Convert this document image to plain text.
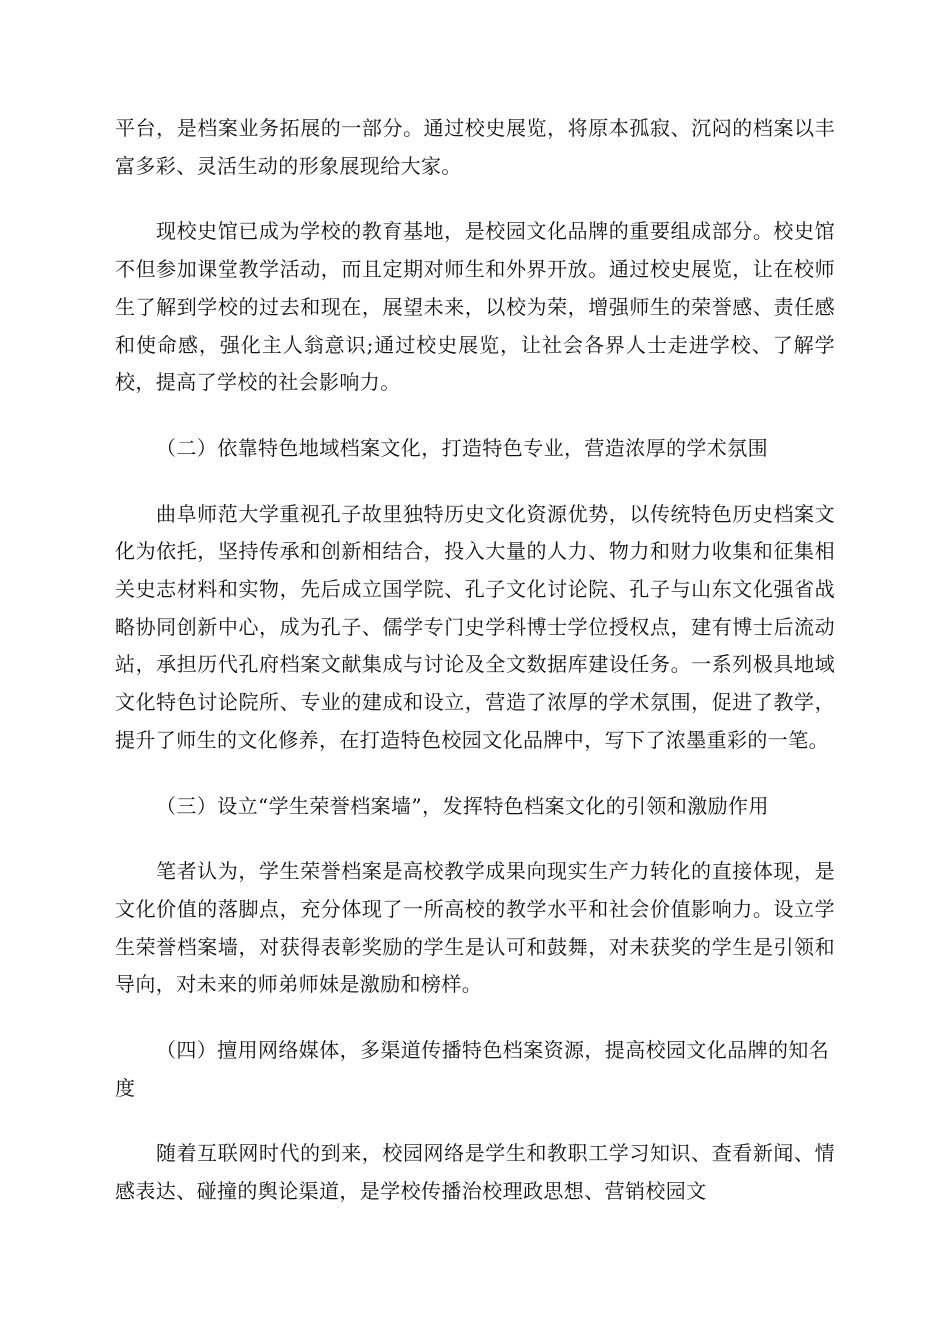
平台，是档案业务拓展的一部分。通过校史展览，将原本孤寂、沉闷的档案以丰富多彩、灵活生动的形象展现给大家。

现校史馆已成为学校的教育基地，是校园文化品牌的重要组成部分。校史馆不但参加课堂教学活动，而且定期对师生和外界开放。通过校史展览，让在校师生了解到学校的过去和现在，展望未来，以校为荣，增强师生的荣誉感、责任感和使命感，强化主人翁意识;通过校史展览，让社会各界人士走进学校、了解学校，提高了学校的社会影响力。

（二）依靠特色地域档案文化，打造特色专业，营造浓厚的学术氛围

曲阜师范大学重视孔子故里独特历史文化资源优势，以传统特色历史档案文化为依托，坚持传承和创新相结合，投入大量的人力、物力和财力收集和征集相关史志材料和实物，先后成立国学院、孔子文化讨论院、孔子与山东文化强省战略协同创新中心，成为孔子、儒学专门史学科博士学位授权点，建有博士后流动站，承担历代孔府档案文献集成与讨论及全文数据库建设任务。一系列极具地域文化特色讨论院所、专业的建成和设立，营造了浓厚的学术氛围，促进了教学，提升了师生的文化修养，在打造特色校园文化品牌中，写下了浓墨重彩的一笔。

（三）设立“学生荣誉档案墙”，发挥特色档案文化的引领和激励作用

笔者认为，学生荣誉档案是高校教学成果向现实生产力转化的直接体现，是文化价值的落脚点，充分体现了一所高校的教学水平和社会价值影响力。设立学生荣誉档案墙，对获得表彰奖励的学生是认可和鼓舞，对未获奖的学生是引领和导向，对未来的师弟师妹是激励和榜样。

（四）擅用网络媒体，多渠道传播特色档案资源，提高校园文化品牌的知名度

随着互联网时代的到来，校园网络是学生和教职工学习知识、查看新闻、情感表达、碰撞的舆论渠道，是学校传播治校理政思想、营销校园文
